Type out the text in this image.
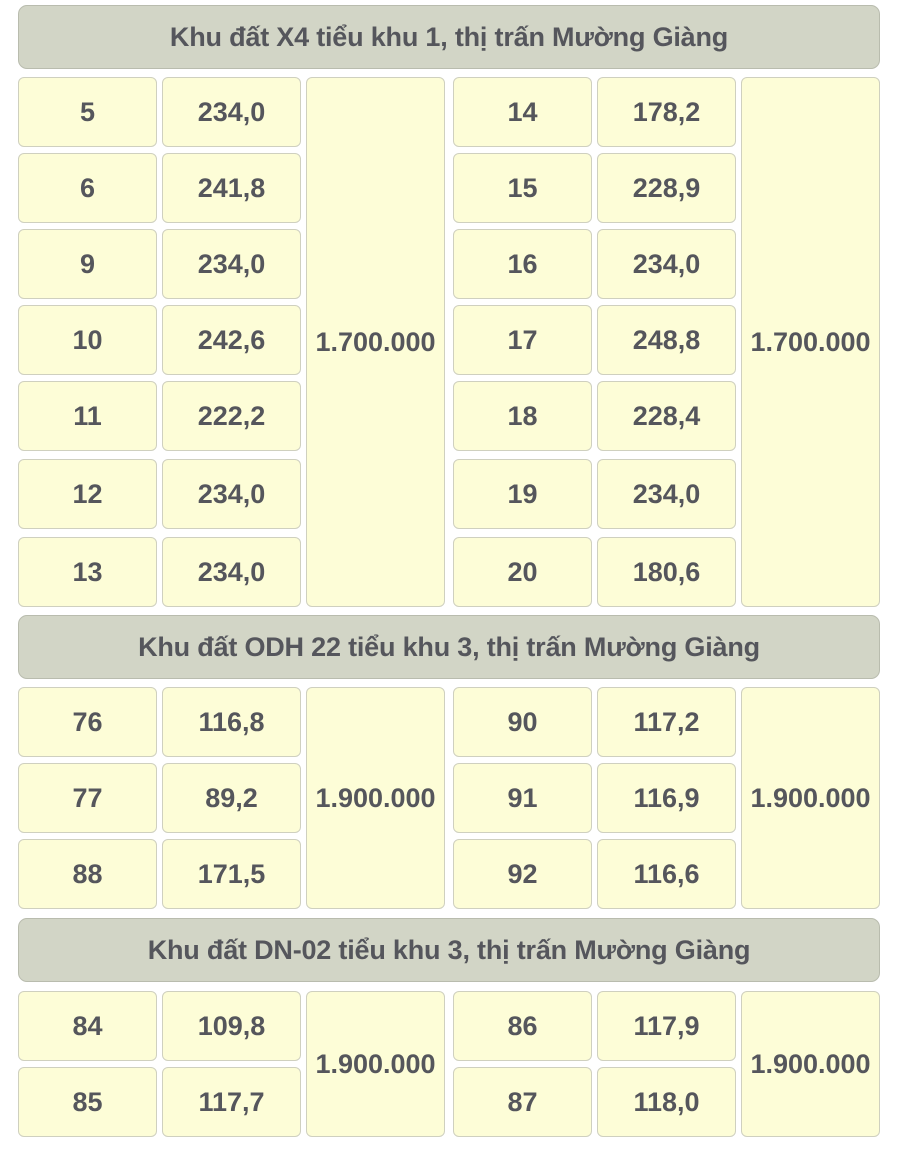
Khu đất X4 tiểu khu 1, thị trấn Mường Giàng
5	234,0
6	241,8
9	234,0
10	242,6
11	222,2
12	234,0
13	234,0
1.700.000
14	178,2
15	228,9
16	234,0
17	248,8
18	228,4
19	234,0
20	180,6
1.700.000
Khu đất ODH 22 tiểu khu 3, thị trấn Mường Giàng
76	116,8
77	89,2
88	171,5
1.900.000
90	117,2
91	116,9
92	116,6
1.900.000
Khu đất DN-02 tiểu khu 3, thị trấn Mường Giàng
84	109,8
85	117,7
1.900.000
86	117,9
87	118,0
1.900.000
